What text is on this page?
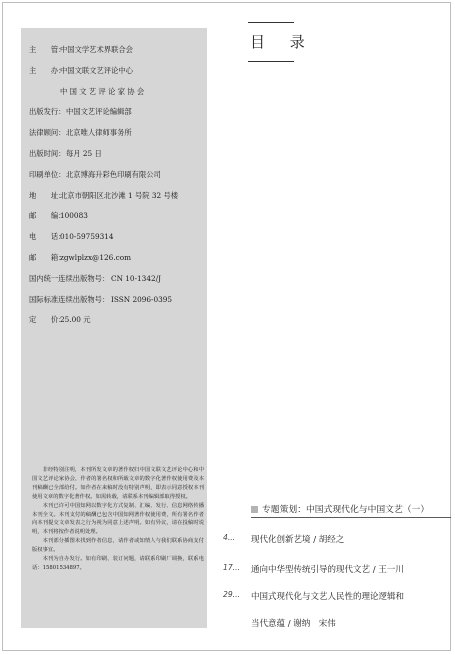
主　　管：
中国文学艺术界联合会
主　　办：
中国文联文艺评论中心
中 国 文 艺 评 论 家 协 会
出版发行： 中国文艺评论编辑部
法律顾问： 北京唯人律师事务所
出版时间： 每月 25 日
印刷单位： 北京博海升彩色印刷有限公司
地　　址：
北京市朝阳区北沙滩 1 号院 32 号楼
邮　　编：
100083
电　　话：
010-59759314
邮　　箱：
zgwlplzx@126.com
国内统一连续出版物号： CN 10-1342/J
国际标准连续出版物号： ISSN 2096-0395
定　　价：
25.00 元

非经特别注明，本刊所发文章的著作权归中国文联文艺评论中心和中国文艺评论家协会，作者的署名权和所载文章的数字化著作权使用费及本刊稿酬已全部给付。如作者在来稿时没有特别声明，即表示同意授权本刊使用文章的数字化著作权。如需转载，请联系本刊编辑部取得授权。

本刊已许可中国知网以数字化方式复制、汇编、发行、信息网络传播本刊全文。本刊支付的稿酬已包含中国知网著作权使用费，所有署名作者向本刊提交文章发表之行为视为同意上述声明。如有异议，请在投稿时说明，本刊将按作者说明处理。

本刊部分插图未找到作者信息，请作者或知情人与我们联系协商支付版权事宜。

本刊为自办发行。如有印刷、装订问题，请联系印刷厂调换，联系电话：15801534897。

目 录
专题策划：中国式现代化与中国文艺（一）
4...	现代化创新艺境 / 胡经之
17...	通向中华型传统引导的现代文艺 / 王一川
29...	中国式现代化与文艺人民性的理论逻辑和
当代意蕴 / 谢纳　宋伟
